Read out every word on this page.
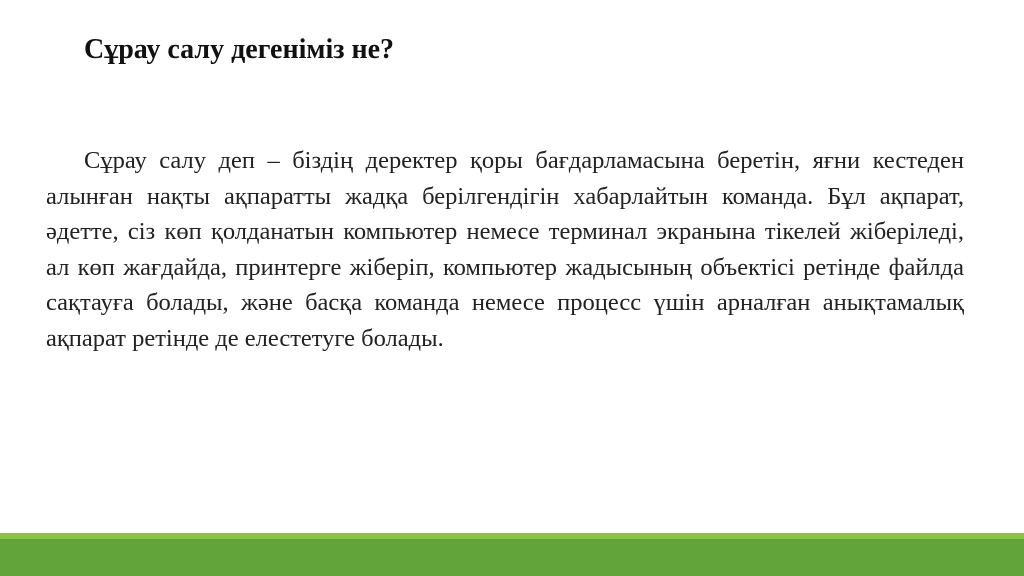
Сұрау салу дегеніміз не?

Сұрау салу деп – біздің деректер қоры бағдарламасына беретін, яғни кестеден алынған нақты ақпаратты жадқа берілгендігін хабарлайтын команда. Бұл ақпарат, әдетте, сіз көп қолданатын компьютер немесе терминал экранына тікелей жіберіледі, ал көп жағдайда, принтерге жіберіп, компьютер жадысының объектісі ретінде файлда сақтауға болады, және басқа команда немесе процесс үшін арналған анықтамалық ақпарат ретінде де елестетуге болады.
